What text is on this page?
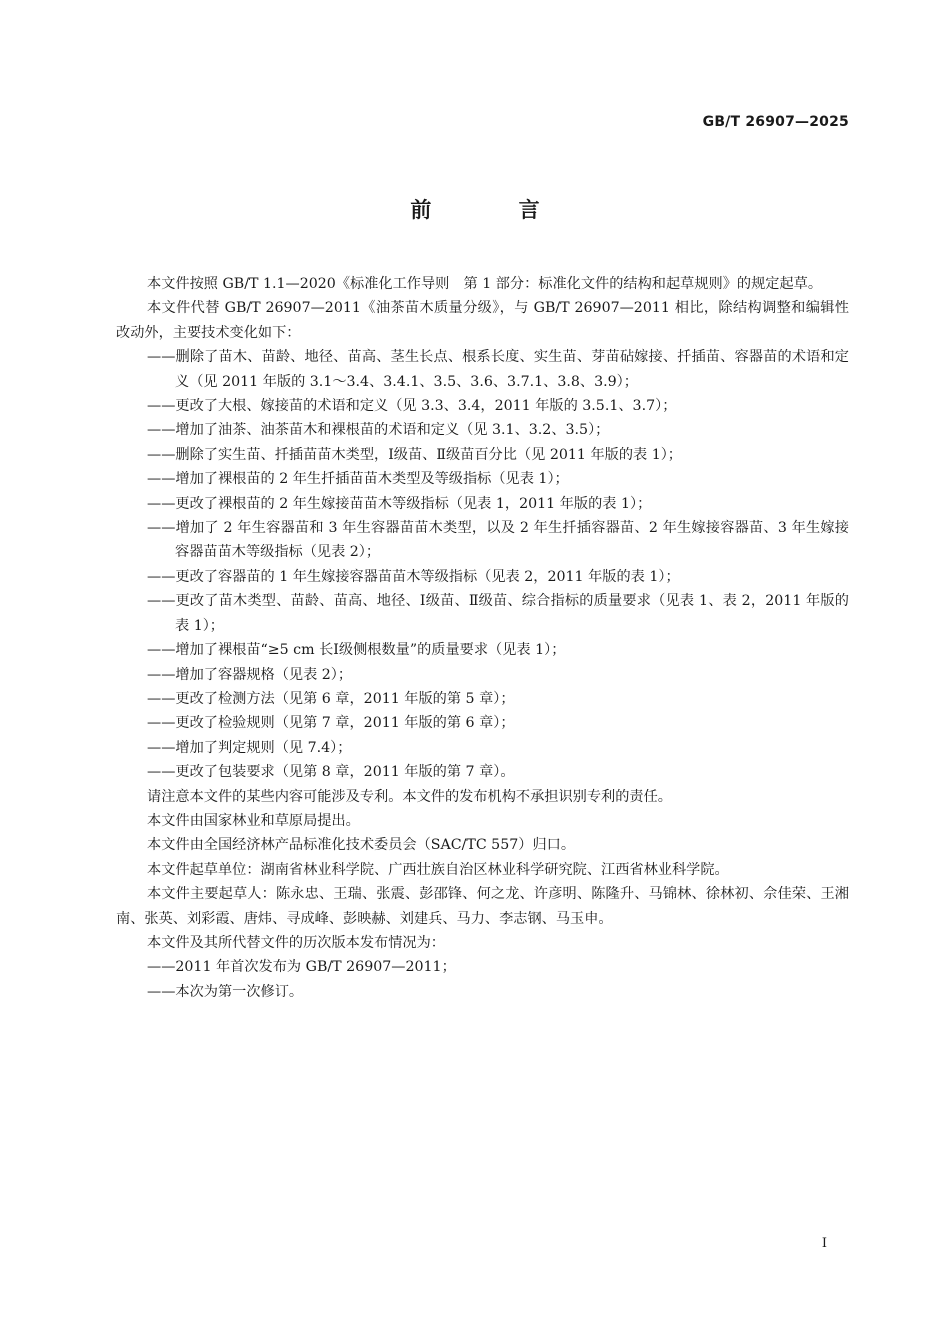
GB/T 26907—2025
前 言

本文件按照 GB/T 1.1—2020《标准化工作导则　第 1 部分：标准化文件的结构和起草规则》的规定起草。

本文件代替 GB/T 26907—2011《油茶苗木质量分级》，与 GB/T 26907—2011 相比，除结构调整和编辑性改动外，主要技术变化如下：

——删除了苗木、苗龄、地径、苗高、茎生长点、根系长度、实生苗、芽苗砧嫁接、扦插苗、容器苗的术语和定义（见 2011 年版的 3.1～3.4、3.4.1、3.5、3.6、3.7.1、3.8、3.9）；

——更改了大根、嫁接苗的术语和定义（见 3.3、3.4，2011 年版的 3.5.1、3.7）；

——增加了油茶、油茶苗木和裸根苗的术语和定义（见 3.1、3.2、3.5）；

——删除了实生苗、扦插苗苗木类型，Ⅰ级苗、Ⅱ级苗百分比（见 2011 年版的表 1）；

——增加了裸根苗的 2 年生扦插苗苗木类型及等级指标（见表 1）；

——更改了裸根苗的 2 年生嫁接苗苗木等级指标（见表 1，2011 年版的表 1）；

——增加了 2 年生容器苗和 3 年生容器苗苗木类型，以及 2 年生扦插容器苗、2 年生嫁接容器苗、3 年生嫁接容器苗苗木等级指标（见表 2）；

——更改了容器苗的 1 年生嫁接容器苗苗木等级指标（见表 2，2011 年版的表 1）；

——更改了苗木类型、苗龄、苗高、地径、Ⅰ级苗、Ⅱ级苗、综合指标的质量要求（见表 1、表 2，2011 年版的表 1）；

——增加了裸根苗“≥5 cm 长Ⅰ级侧根数量”的质量要求（见表 1）；

——增加了容器规格（见表 2）；

——更改了检测方法（见第 6 章，2011 年版的第 5 章）；

——更改了检验规则（见第 7 章，2011 年版的第 6 章）；

——增加了判定规则（见 7.4）；

——更改了包装要求（见第 8 章，2011 年版的第 7 章）。

请注意本文件的某些内容可能涉及专利。本文件的发布机构不承担识别专利的责任。

本文件由国家林业和草原局提出。

本文件由全国经济林产品标准化技术委员会（SAC/TC 557）归口。

本文件起草单位：湖南省林业科学院、广西壮族自治区林业科学研究院、江西省林业科学院。

本文件主要起草人：陈永忠、王瑞、张震、彭邵锋、何之龙、许彦明、陈隆升、马锦林、徐林初、佘佳荣、王湘南、张英、刘彩霞、唐炜、寻成峰、彭映赫、刘建兵、马力、李志钢、马玉申。

本文件及其所代替文件的历次版本发布情况为：

——2011 年首次发布为 GB/T 26907—2011；

——本次为第一次修订。

I
